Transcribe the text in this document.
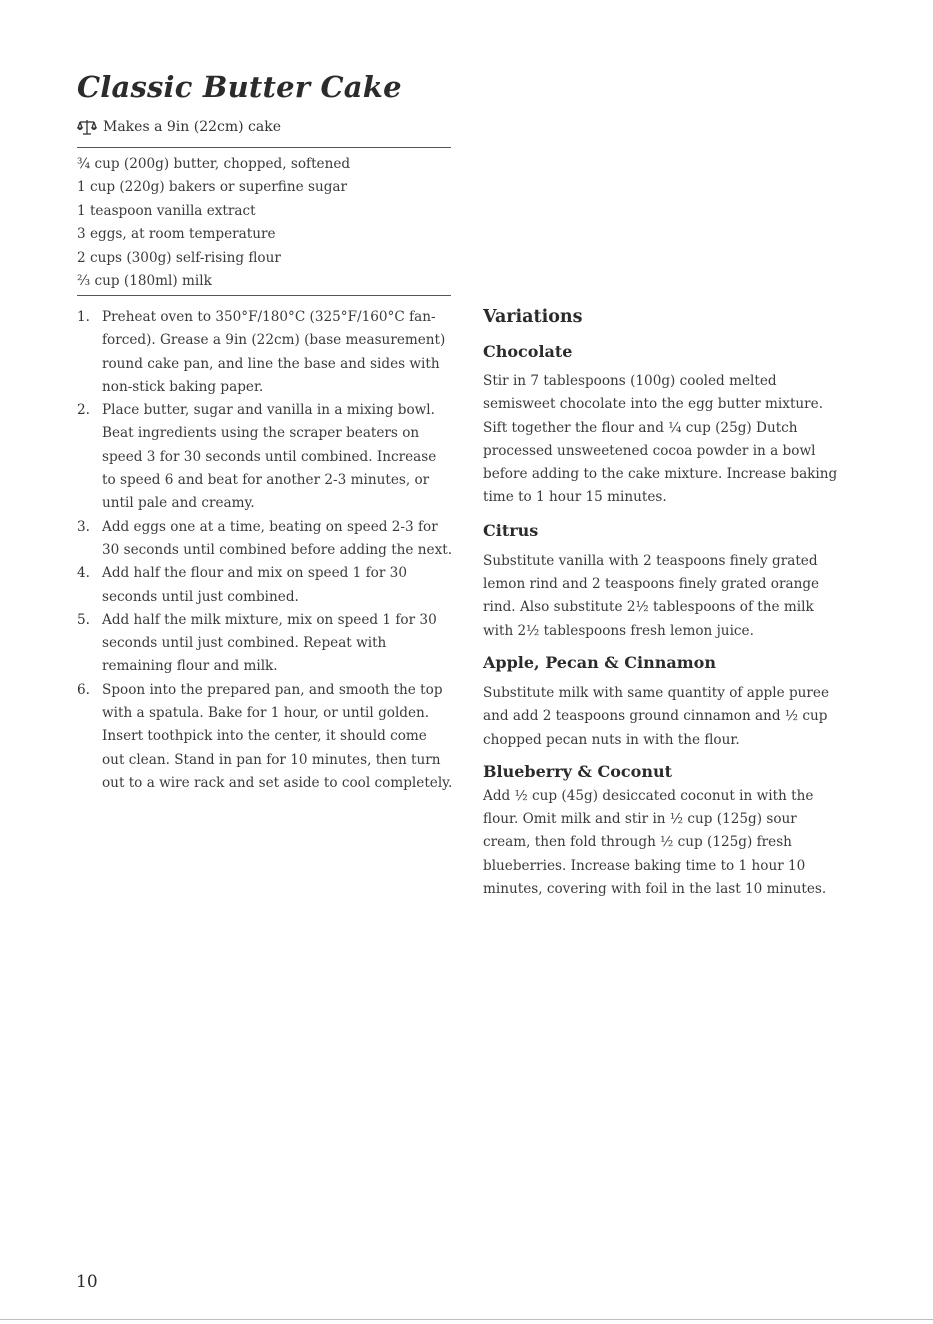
Classic Butter Cake
Makes a 9in (22cm) cake
¾ cup (200g) butter, chopped, softened
1 cup (220g) bakers or superfine sugar
1 teaspoon vanilla extract
3 eggs, at room temperature
2 cups (300g) self-rising flour
⅔ cup (180ml) milk
1. Preheat oven to 350°F/180°C (325°F/160°C fan-forced). Grease a 9in (22cm) (base measurement) round cake pan, and line the base and sides with non-stick baking paper.
2. Place butter, sugar and vanilla in a mixing bowl. Beat ingredients using the scraper beaters on speed 3 for 30 seconds until combined. Increase to speed 6 and beat for another 2-3 minutes, or until pale and creamy.
3. Add eggs one at a time, beating on speed 2-3 for 30 seconds until combined before adding the next.
4. Add half the flour and mix on speed 1 for 30 seconds until just combined.
5. Add half the milk mixture, mix on speed 1 for 30 seconds until just combined. Repeat with remaining flour and milk.
6. Spoon into the prepared pan, and smooth the top with a spatula. Bake for 1 hour, or until golden. Insert toothpick into the center, it should come out clean. Stand in pan for 10 minutes, then turn out to a wire rack and set aside to cool completely.
Variations
Chocolate

Stir in 7 tablespoons (100g) cooled melted semisweet chocolate into the egg butter mixture. Sift together the flour and ¼ cup (25g) Dutch processed unsweetened cocoa powder in a bowl before adding to the cake mixture. Increase baking time to 1 hour 15 minutes.

Citrus

Substitute vanilla with 2 teaspoons finely grated lemon rind and 2 teaspoons finely grated orange rind. Also substitute 2½ tablespoons of the milk with 2½ tablespoons fresh lemon juice.

Apple, Pecan & Cinnamon

Substitute milk with same quantity of apple puree and add 2 teaspoons ground cinnamon and ½ cup chopped pecan nuts in with the flour.

Blueberry & Coconut

Add ½ cup (45g) desiccated coconut in with the flour. Omit milk and stir in ½ cup (125g) sour cream, then fold through ½ cup (125g) fresh blueberries. Increase baking time to 1 hour 10 minutes, covering with foil in the last 10 minutes.

10
